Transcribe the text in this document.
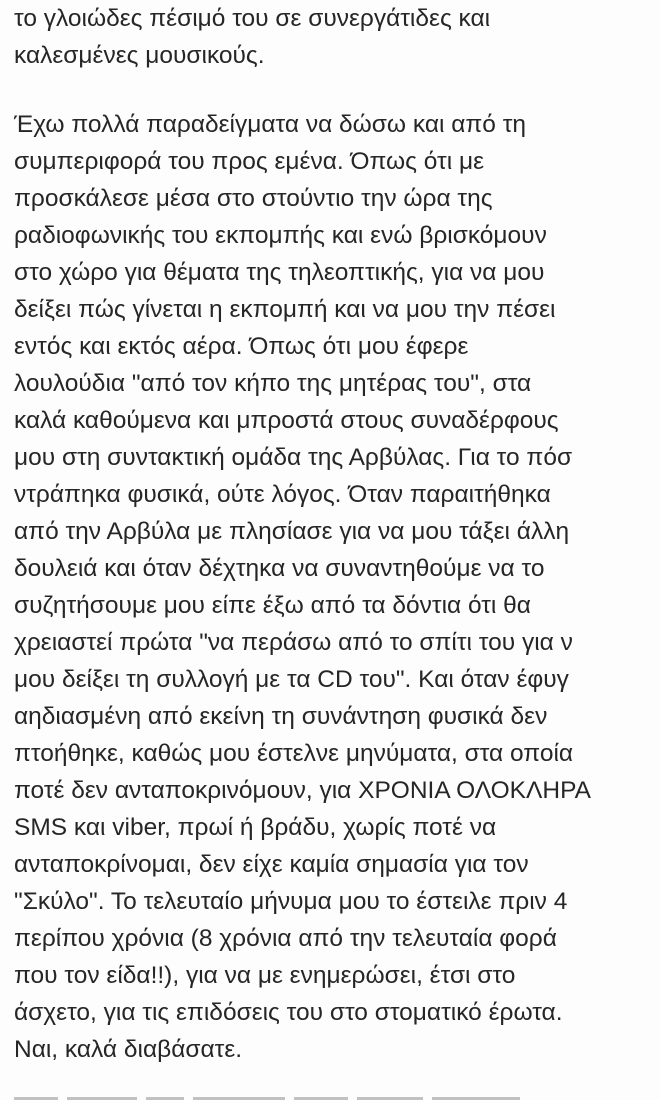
το γλοιώδες πέσιμό του σε συνεργάτιδες και
καλεσμένες μουσικούς.
Έχω πολλά παραδείγματα να δώσω και από τη
συμπεριφορά του προς εμένα. Όπως ότι με
προσκάλεσε μέσα στο στούντιο την ώρα της
ραδιοφωνικής του εκπομπής και ενώ βρισκόμουν
στο χώρο για θέματα της τηλεοπτικής, για να μου
δείξει πώς γίνεται η εκπομπή και να μου την πέσει
εντός και εκτός αέρα. Όπως ότι μου έφερε
λουλούδια "από τον κήπο της μητέρας του", στα
καλά καθούμενα και μπροστά στους συναδέρφους
μου στη συντακτική ομάδα της Αρβύλας. Για το πόσ
ντράπηκα φυσικά, ούτε λόγος. Όταν παραιτήθηκα
από την Αρβύλα με πλησίασε για να μου τάξει άλλη
δουλειά και όταν δέχτηκα να συναντηθούμε να το
συζητήσουμε μου είπε έξω από τα δόντια ότι θα
χρειαστεί πρώτα "να περάσω από το σπίτι του για ν
μου δείξει τη συλλογή με τα CD του". Και όταν έφυγ
αηδιασμένη από εκείνη τη συνάντηση φυσικά δεν
πτοήθηκε, καθώς μου έστελνε μηνύματα, στα οποία
ποτέ δεν ανταποκρινόμουν, για ΧΡΟΝΙΑ ΟΛΟΚΛΗΡΑ
SMS και viber, πρωί ή βράδυ, χωρίς ποτέ να
ανταποκρίνομαι, δεν είχε καμία σημασία για τον
"Σκύλο". Το τελευταίο μήνυμα μου το έστειλε πριν 4
περίπου χρόνια (8 χρόνια από την τελευταία φορά
που τον είδα!!), για να με ενημερώσει, έτσι στο
άσχετο, για τις επιδόσεις του στο στοματικό έρωτα.
Ναι, καλά διαβάσατε.
